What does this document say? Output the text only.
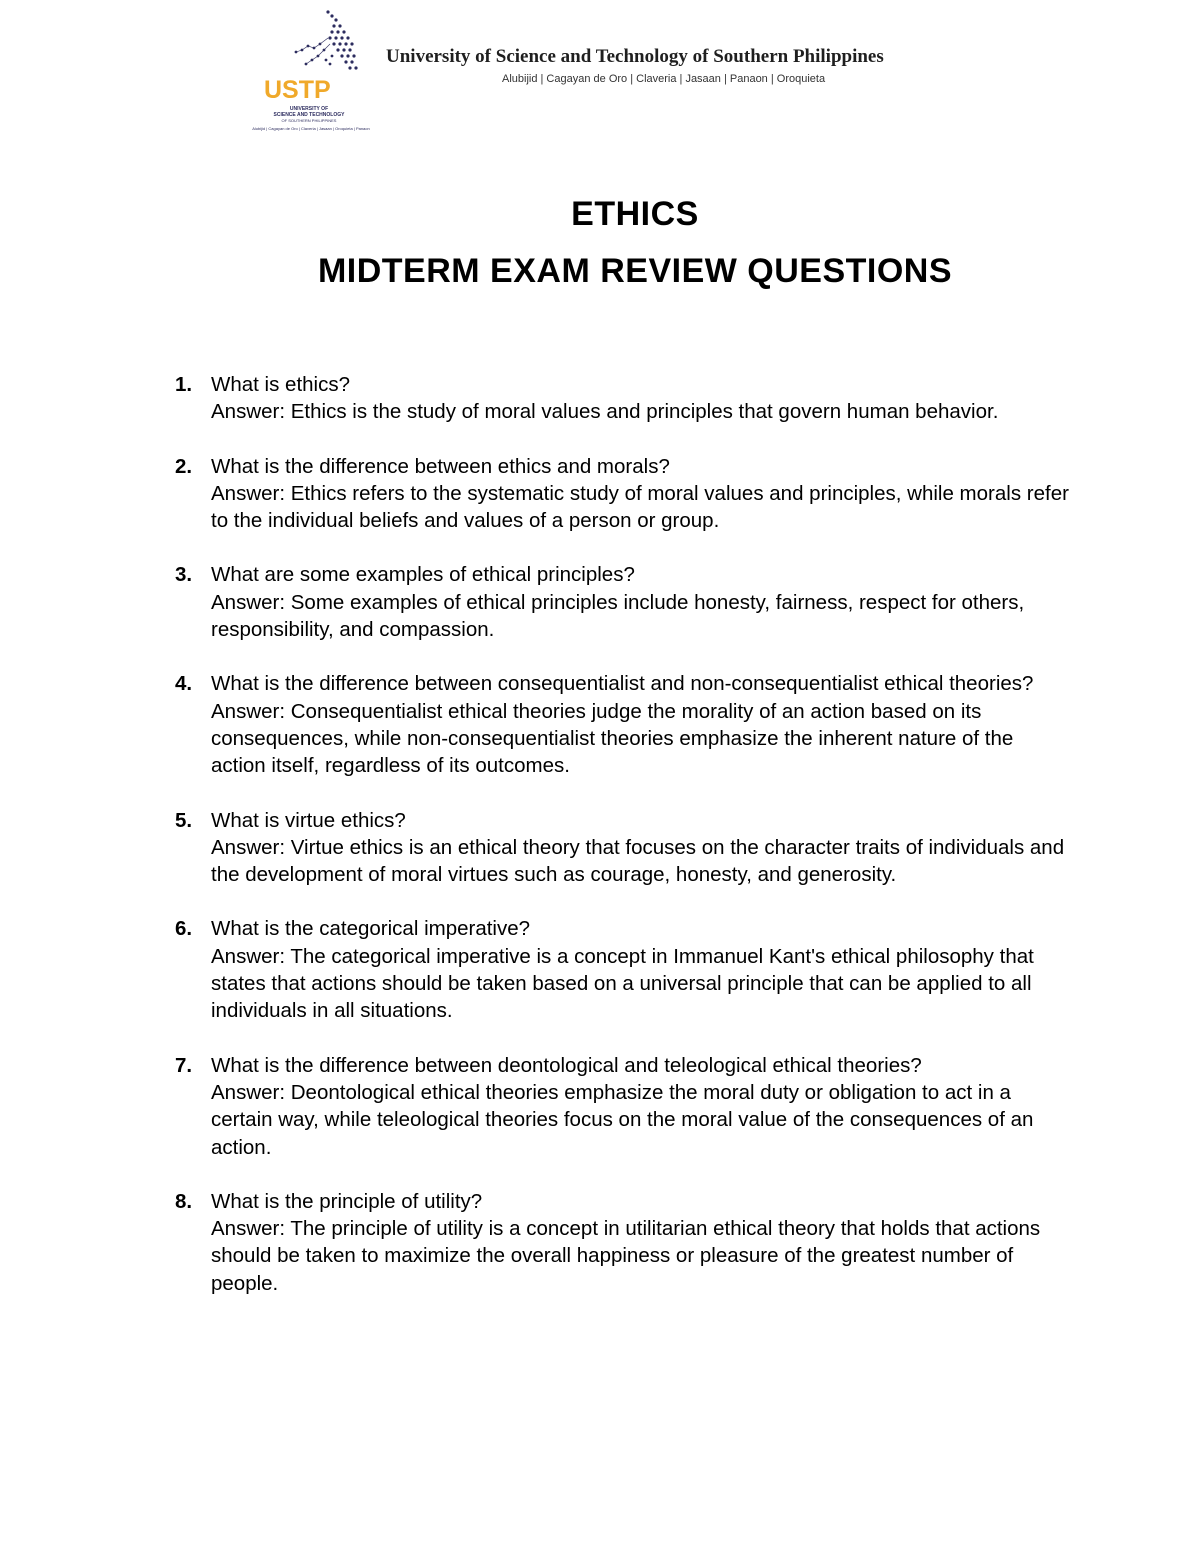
USTP
UNIVERSITY OF
SCIENCE AND TECHNOLOGY
OF SOUTHERN PHILIPPINES
Alubijid | Cagayan de Oro | Claveria | Jasaan | Oroquieta | Panaon
University of Science and Technology of Southern Philippines
Alubijid | Cagayan de Oro | Claveria | Jasaan | Panaon | Oroquieta
ETHICS
MIDTERM EXAM REVIEW QUESTIONS
1. What is ethics?
Answer: Ethics is the study of moral values and principles that govern human behavior.
2. What is the difference between ethics and morals?
Answer: Ethics refers to the systematic study of moral values and principles, while morals refer to the individual beliefs and values of a person or group.
3. What are some examples of ethical principles?
Answer: Some examples of ethical principles include honesty, fairness, respect for others, responsibility, and compassion.
4. What is the difference between consequentialist and non-consequentialist ethical theories?
Answer: Consequentialist ethical theories judge the morality of an action based on its consequences, while non-consequentialist theories emphasize the inherent nature of the action itself, regardless of its outcomes.
5. What is virtue ethics?
Answer: Virtue ethics is an ethical theory that focuses on the character traits of individuals and the development of moral virtues such as courage, honesty, and generosity.
6. What is the categorical imperative?
Answer: The categorical imperative is a concept in Immanuel Kant's ethical philosophy that states that actions should be taken based on a universal principle that can be applied to all individuals in all situations.
7. What is the difference between deontological and teleological ethical theories?
Answer: Deontological ethical theories emphasize the moral duty or obligation to act in a certain way, while teleological theories focus on the moral value of the consequences of an action.
8. What is the principle of utility?
Answer: The principle of utility is a concept in utilitarian ethical theory that holds that actions should be taken to maximize the overall happiness or pleasure of the greatest number of people.
